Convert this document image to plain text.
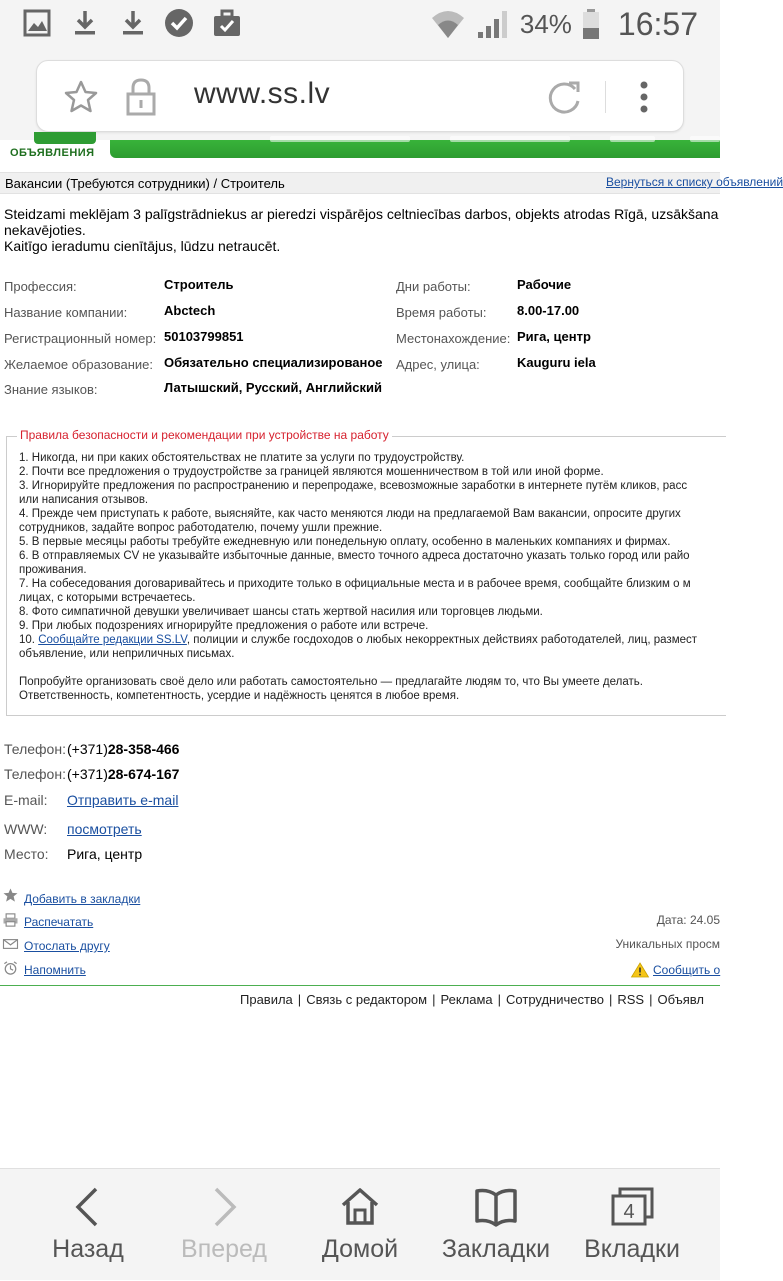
34% 16:57
www.ss.lv
ОБЪЯВЛЕНИЯ
Вакансии (Требуются сотрудники) / Строитель	Вернуться к списку объявлений
Steidzami meklējam 3 palīgstrādniekus ar pieredzi vispārējos celtniecības darbos, objekts atrodas Rīgā, uzsākšana
nekavējoties.
Kaitīgo ieradumu cienītājus, lūdzu netraucēt.
Профессия:	Строитель
Название компании:	Abctech
Регистрационный номер: 50103799851
Желаемое образование: Обязательно специализированое
Знание языков:	Латышский, Русский, Английский
Дни работы:	Рабочие
Время работы: 8.00-17.00
Местонахождение: Рига, центр
Адрес, улица:	Kauguru iela
Правила безопасности и рекомендации при устройстве на работу
1. Никогда, ни при каких обстоятельствах не платите за услуги по трудоустройству.
2. Почти все предложения о трудоустройстве за границей являются мошенничеством в той или иной форме.
3. Игнорируйте предложения по распространению и перепродаже, всевозможные заработки в интернете путём кликов, расс
или написания отзывов.
4. Прежде чем приступать к работе, выясняйте, как часто меняются люди на предлагаемой Вам вакансии, опросите других
сотрудников, задайте вопрос работодателю, почему ушли прежние.
5. В первые месяцы работы требуйте ежедневную или понедельную оплату, особенно в маленьких компаниях и фирмах.
6. В отправляемых CV не указывайте избыточные данные, вместо точного адреса достаточно указать только город или райо
проживания.
7. На собеседования договаривайтесь и приходите только в официальные места и в рабочее время, сообщайте близким о м
лицах, с которыми встречаетесь.
8. Фото симпатичной девушки увеличивает шансы стать жертвой насилия или торговцев людьми.
9. При любых подозрениях игнорируйте предложения о работе или встрече.
10. Сообщайте редакции SS.LV, полиции и службе госдоходов о любых некорректных действиях работодателей, лиц, размест
объявление, или неприличных письмах.
Попробуйте организовать своё дело или работать самостоятельно — предлагайте людям то, что Вы умеете делать.
Ответственность, компетентность, усердие и надёжность ценятся в любое время.
Телефон: (+371)28-358-466
Телефон: (+371)28-674-167
E-mail: Отправить e-mail
WWW: посмотреть
Место: Рига, центр
Добавить в закладки
Распечатать
Отослать другу
Напомнить
Дата: 24.05
Уникальных просм
Сообщить о
Правила | Связь с редактором | Реклама | Сотрудничество | RSS | Объявл
Назад	Вперед	Домой	Закладки
4
Вкладки
